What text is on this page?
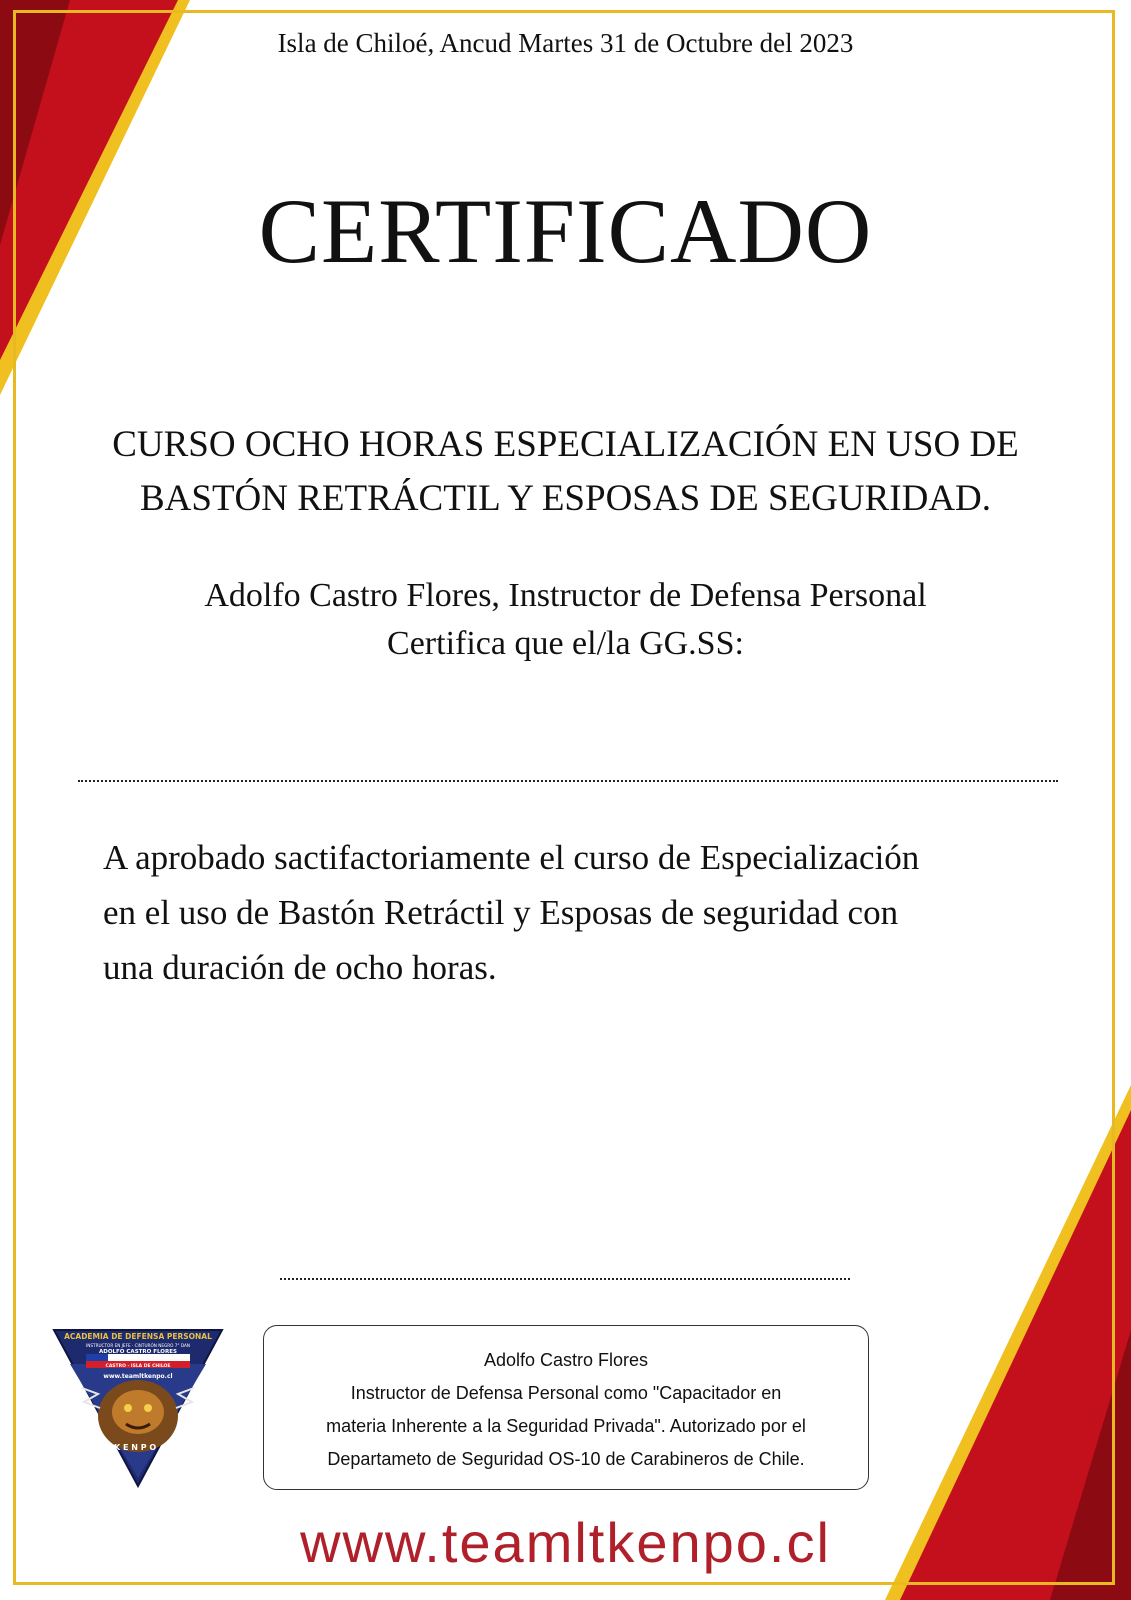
Isla de Chiloé, Ancud Martes 31 de Octubre del 2023
CERTIFICADO
CURSO OCHO HORAS ESPECIALIZACIÓN EN USO DE
BASTÓN RETRÁCTIL Y ESPOSAS DE SEGURIDAD.
Adolfo Castro Flores, Instructor de Defensa Personal
Certifica que el/la GG.SS:
A aprobado sactifactoriamente el curso de Especialización
en el uso de Bastón Retráctil y Esposas de seguridad con
una duración de ocho horas.
ACADEMIA DE DEFENSA PERSONAL
INSTRUCTOR EN JEFE · CINTURÓN NEGRO 7° DAN
ADOLFO CASTRO FLORES
CASTRO - ISLA DE CHILOE
www.teamltkenpo.cl
K E N P O
Adolfo Castro Flores
Instructor de Defensa Personal como "Capacitador en
materia Inherente a la Seguridad Privada". Autorizado por el
Departameto de Seguridad OS-10 de Carabineros de Chile.
www.teamltkenpo.cl
